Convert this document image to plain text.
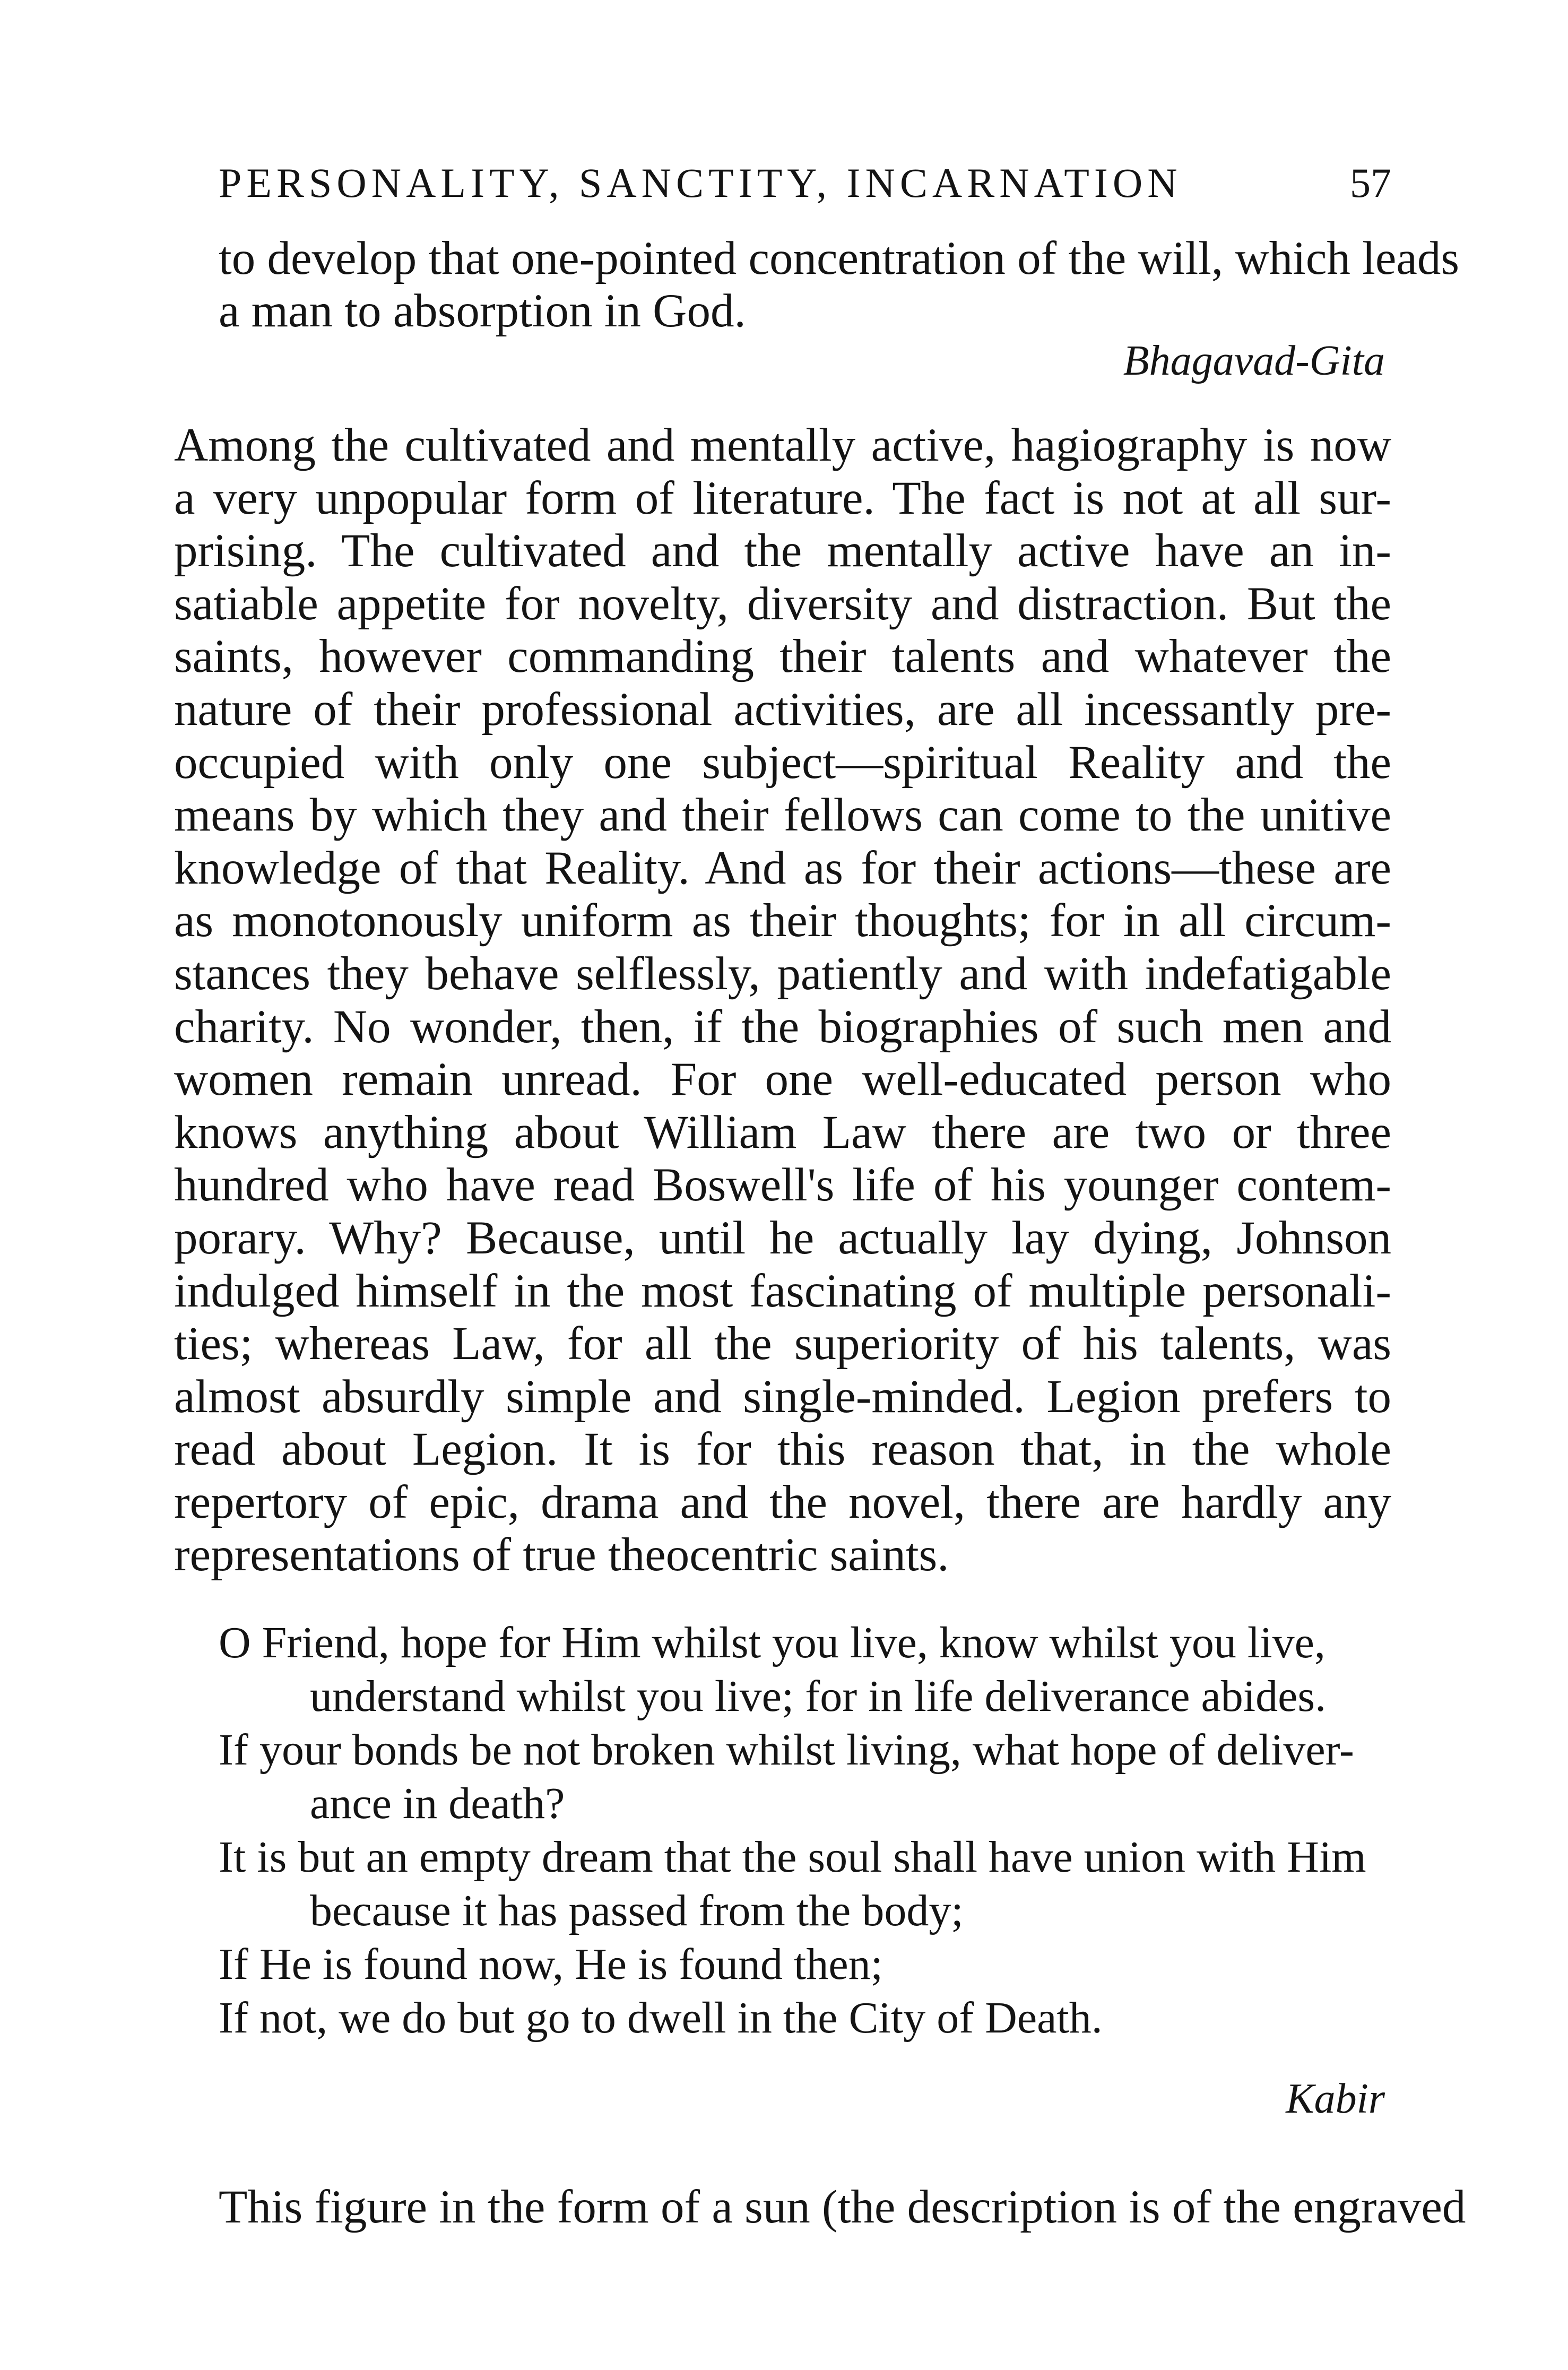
PERSONALITY, SANCTITY, INCARNATION	57
to develop that one-pointed concentration of the will, which leads
a man to absorption in God.
Bhagavad-Gita
Among the cultivated and mentally active, hagiography is now
a very unpopular form of literature. The fact is not at all sur-
prising. The cultivated and the mentally active have an in-
satiable appetite for novelty, diversity and distraction. But the
saints, however commanding their talents and whatever the
nature of their professional activities, are all incessantly pre-
occupied with only one subject—spiritual Reality and the
means by which they and their fellows can come to the unitive
knowledge of that Reality. And as for their actions—these are
as monotonously uniform as their thoughts; for in all circum-
stances they behave selflessly, patiently and with indefatigable
charity. No wonder, then, if the biographies of such men and
women remain unread. For one well-educated person who
knows anything about William Law there are two or three
hundred who have read Boswell's life of his younger contem-
porary. Why? Because, until he actually lay dying, Johnson
indulged himself in the most fascinating of multiple personali-
ties; whereas Law, for all the superiority of his talents, was
almost absurdly simple and single-minded. Legion prefers to
read about Legion. It is for this reason that, in the whole
repertory of epic, drama and the novel, there are hardly any
representations of true theocentric saints.
O Friend, hope for Him whilst you live, know whilst you live,
understand whilst you live; for in life deliverance abides.
If your bonds be not broken whilst living, what hope of deliver-
ance in death?
It is but an empty dream that the soul shall have union with Him
because it has passed from the body;
If He is found now, He is found then;
If not, we do but go to dwell in the City of Death.
Kabir
This figure in the form of a sun (the description is of the engraved
